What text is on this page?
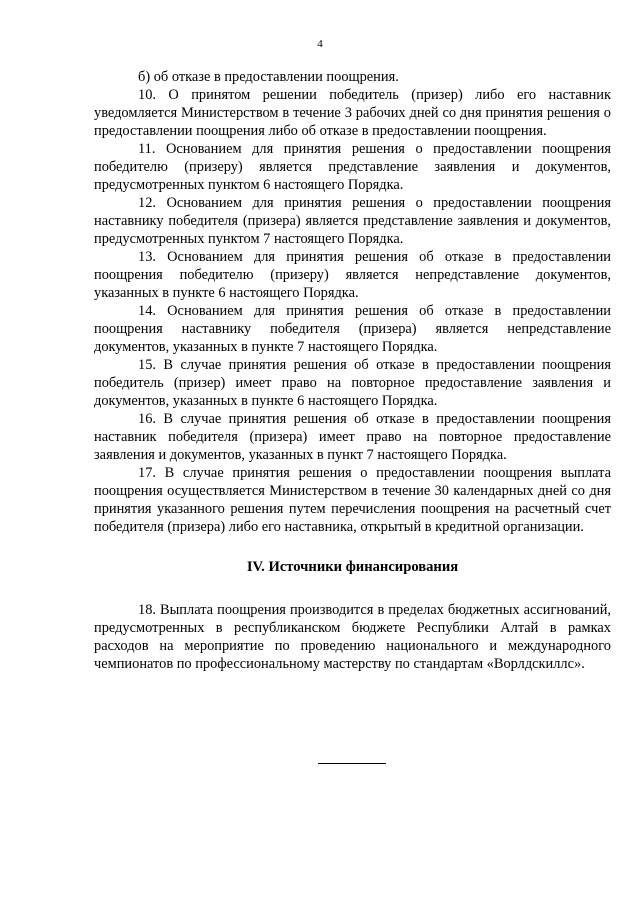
4

б) об отказе в предоставлении поощрения.

10. О принятом решении победитель (призер) либо его наставник уведомляется Министерством в течение 3 рабочих дней со дня принятия решения о предоставлении поощрения либо об отказе в предоставлении поощрения.

11. Основанием для принятия решения о предоставлении поощрения победителю (призеру) является представление заявления и документов, предусмотренных пунктом 6 настоящего Порядка.

12. Основанием для принятия решения о предоставлении поощрения наставнику победителя (призера) является представление заявления и документов, предусмотренных пунктом 7 настоящего Порядка.

13. Основанием для принятия решения об отказе в предоставлении поощрения победителю (призеру) является непредставление документов, указанных в пункте 6 настоящего Порядка.

14. Основанием для принятия решения об отказе в предоставлении поощрения наставнику победителя (призера) является непредставление документов, указанных в пункте 7 настоящего Порядка.

15. В случае принятия решения об отказе в предоставлении поощрения победитель (призер) имеет право на повторное предоставление заявления и документов, указанных в пункте 6 настоящего Порядка.

16. В случае принятия решения об отказе в предоставлении поощрения наставник победителя (призера) имеет право на повторное предоставление заявления и документов, указанных в пункт 7 настоящего Порядка.

17. В случае принятия решения о предоставлении поощрения выплата поощрения осуществляется Министерством в течение 30 календарных дней со дня принятия указанного решения путем перечисления поощрения на расчетный счет победителя (призера) либо его наставника, открытый в кредитной организации.

IV. Источники финансирования

18. Выплата поощрения производится в пределах бюджетных ассигнований, предусмотренных в республиканском бюджете Республики Алтай в рамках расходов на мероприятие по проведению национального и международного чемпионатов по профессиональному мастерству по стандартам «Ворлдскиллс».
